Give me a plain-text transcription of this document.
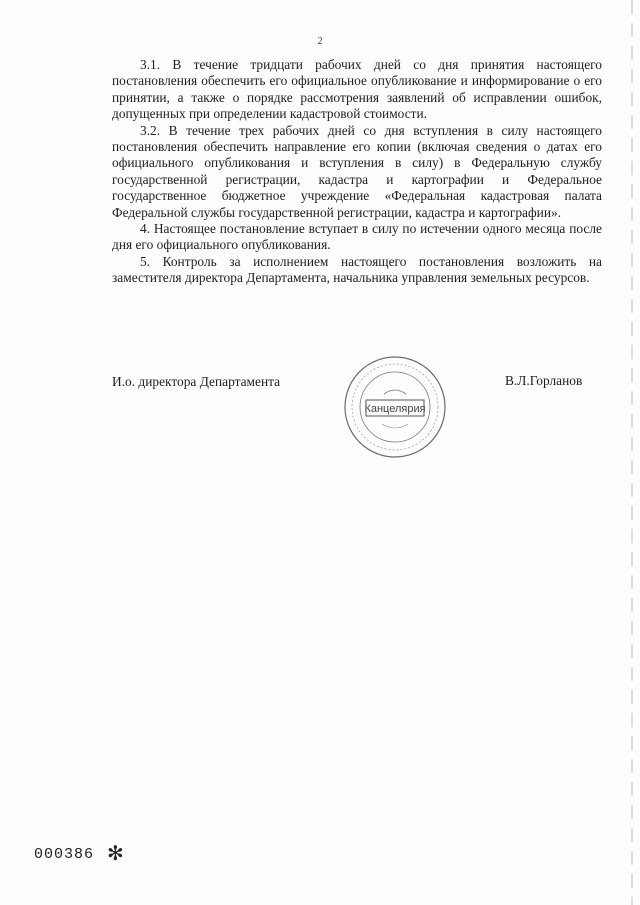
2

3.1. В течение тридцати рабочих дней со дня принятия настоящего постановления обеспечить его официальное опубликование и информирование о его принятии, а также о порядке рассмотрения заявлений об исправлении ошибок, допущенных при определении кадастровой стоимости.

3.2. В течение трех рабочих дней со дня вступления в силу настоящего постановления обеспечить направление его копии (включая сведения о датах его официального опубликования и вступления в силу) в Федеральную службу государственной регистрации, кадастра и картографии и Федеральное государственное бюджетное учреждение «Федеральная кадастровая палата Федеральной службы государственной регистрации, кадастра и картографии».

4. Настоящее постановление вступает в силу по истечении одного месяца после дня его официального опубликования.

5. Контроль за исполнением настоящего постановления возложить на заместителя директора Департамента, начальника управления земельных ресурсов.

И.о. директора Департамента	В.Л.Горланов
Канцелярия
000386 ✻
